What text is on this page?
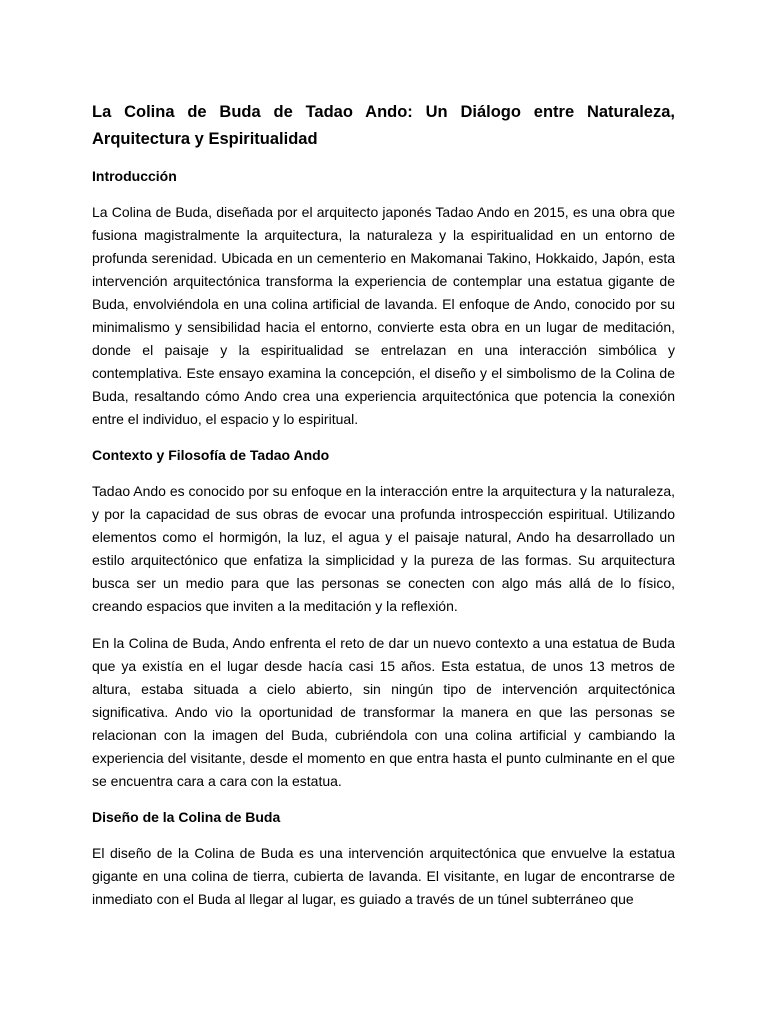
La Colina de Buda de Tadao Ando: Un Diálogo entre Naturaleza, Arquitectura y Espiritualidad
Introducción

La Colina de Buda, diseñada por el arquitecto japonés Tadao Ando en 2015, es una obra que fusiona magistralmente la arquitectura, la naturaleza y la espiritualidad en un entorno de profunda serenidad. Ubicada en un cementerio en Makomanai Takino, Hokkaido, Japón, esta intervención arquitectónica transforma la experiencia de contemplar una estatua gigante de Buda, envolviéndola en una colina artificial de lavanda. El enfoque de Ando, conocido por su minimalismo y sensibilidad hacia el entorno, convierte esta obra en un lugar de meditación, donde el paisaje y la espiritualidad se entrelazan en una interacción simbólica y contemplativa. Este ensayo examina la concepción, el diseño y el simbolismo de la Colina de Buda, resaltando cómo Ando crea una experiencia arquitectónica que potencia la conexión entre el individuo, el espacio y lo espiritual.

Contexto y Filosofía de Tadao Ando

Tadao Ando es conocido por su enfoque en la interacción entre la arquitectura y la naturaleza, y por la capacidad de sus obras de evocar una profunda introspección espiritual. Utilizando elementos como el hormigón, la luz, el agua y el paisaje natural, Ando ha desarrollado un estilo arquitectónico que enfatiza la simplicidad y la pureza de las formas. Su arquitectura busca ser un medio para que las personas se conecten con algo más allá de lo físico, creando espacios que inviten a la meditación y la reflexión.

En la Colina de Buda, Ando enfrenta el reto de dar un nuevo contexto a una estatua de Buda que ya existía en el lugar desde hacía casi 15 años. Esta estatua, de unos 13 metros de altura, estaba situada a cielo abierto, sin ningún tipo de intervención arquitectónica significativa. Ando vio la oportunidad de transformar la manera en que las personas se relacionan con la imagen del Buda, cubriéndola con una colina artificial y cambiando la experiencia del visitante, desde el momento en que entra hasta el punto culminante en el que se encuentra cara a cara con la estatua.

Diseño de la Colina de Buda

El diseño de la Colina de Buda es una intervención arquitectónica que envuelve la estatua gigante en una colina de tierra, cubierta de lavanda. El visitante, en lugar de encontrarse de inmediato con el Buda al llegar al lugar, es guiado a través de un túnel subterráneo que
